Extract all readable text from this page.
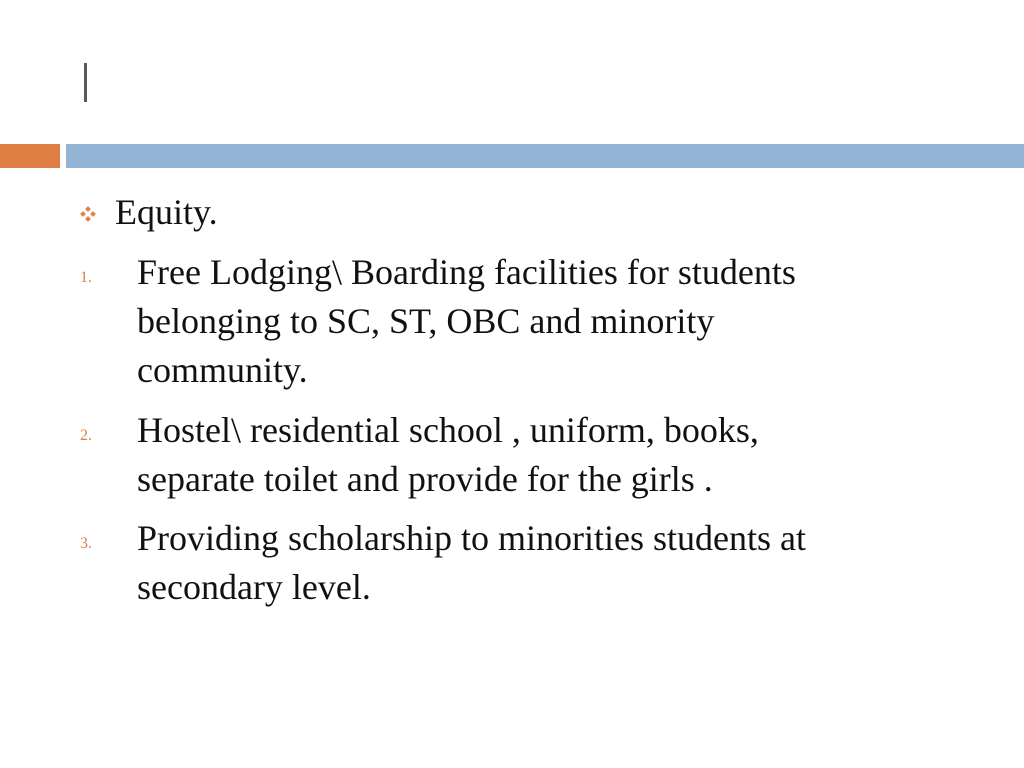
Equity.
1. Free Lodging\ Boarding facilities for students
belonging to SC, ST, OBC and minority
community.
2. Hostel\ residential school , uniform, books,
separate toilet and provide for the girls .
3. Providing scholarship to minorities students at
secondary level.
